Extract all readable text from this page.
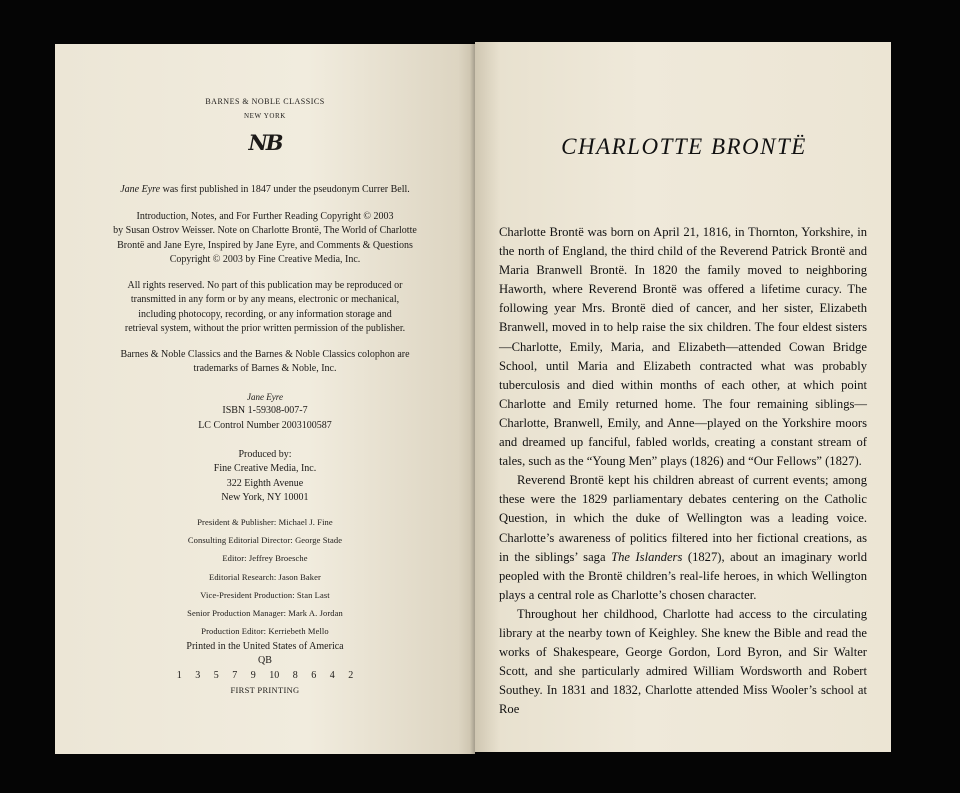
BARNES & NOBLE CLASSICS
NEW YORK
NB
Jane Eyre was first published in 1847 under the pseudonym Currer Bell.
Introduction, Notes, and For Further Reading Copyright © 2003
by Susan Ostrov Weisser. Note on Charlotte Brontë, The World of Charlotte
Brontë and Jane Eyre, Inspired by Jane Eyre, and Comments & Questions
Copyright © 2003 by Fine Creative Media, Inc.
All rights reserved. No part of this publication may be reproduced or
transmitted in any form or by any means, electronic or mechanical,
including photocopy, recording, or any information storage and
retrieval system, without the prior written permission of the publisher.
Barnes & Noble Classics and the Barnes & Noble Classics colophon are
trademarks of Barnes & Noble, Inc.
Jane Eyre
ISBN 1-59308-007-7
LC Control Number 2003100587
Produced by:
Fine Creative Media, Inc.
322 Eighth Avenue
New York, NY 10001
President & Publisher: Michael J. Fine
Consulting Editorial Director: George Stade
Editor: Jeffrey Broesche
Editorial Research: Jason Baker
Vice-President Production: Stan Last
Senior Production Manager: Mark A. Jordan
Production Editor: Kerriebeth Mello
Printed in the United States of America
QB
1 3 5 7 9 10 8 6 4 2
FIRST PRINTING
CHARLOTTE BRONTË

Charlotte Brontë was born on April 21, 1816, in Thornton, Yorkshire, in the north of England, the third child of the Reverend Patrick Brontë and Maria Branwell Brontë. In 1820 the family moved to neighboring Haworth, where Reverend Brontë was offered a lifetime curacy. The following year Mrs. Brontë died of cancer, and her sister, Elizabeth Branwell, moved in to help raise the six children. The four eldest sisters—Charlotte, Emily, Maria, and Elizabeth—attended Cowan Bridge School, until Maria and Elizabeth contracted what was probably tuberculosis and died within months of each other, at which point Charlotte and Emily returned home. The four remaining siblings—Charlotte, Branwell, Emily, and Anne—played on the Yorkshire moors and dreamed up fanciful, fabled worlds, creating a constant stream of tales, such as the “Young Men” plays (1826) and “Our Fellows” (1827).

Reverend Brontë kept his children abreast of current events; among these were the 1829 parliamentary debates centering on the Catholic Question, in which the duke of Wellington was a leading voice. Charlotte’s awareness of politics filtered into her fictional creations, as in the siblings’ saga The Islanders (1827), about an imaginary world peopled with the Brontë children’s real-life heroes, in which Wellington plays a central role as Charlotte’s chosen character.

Throughout her childhood, Charlotte had access to the circulating library at the nearby town of Keighley. She knew the Bible and read the works of Shakespeare, George Gordon, Lord Byron, and Sir Walter Scott, and she particularly admired William Wordsworth and Robert Southey. In 1831 and 1832, Charlotte attended Miss Wooler’s school at Roe
